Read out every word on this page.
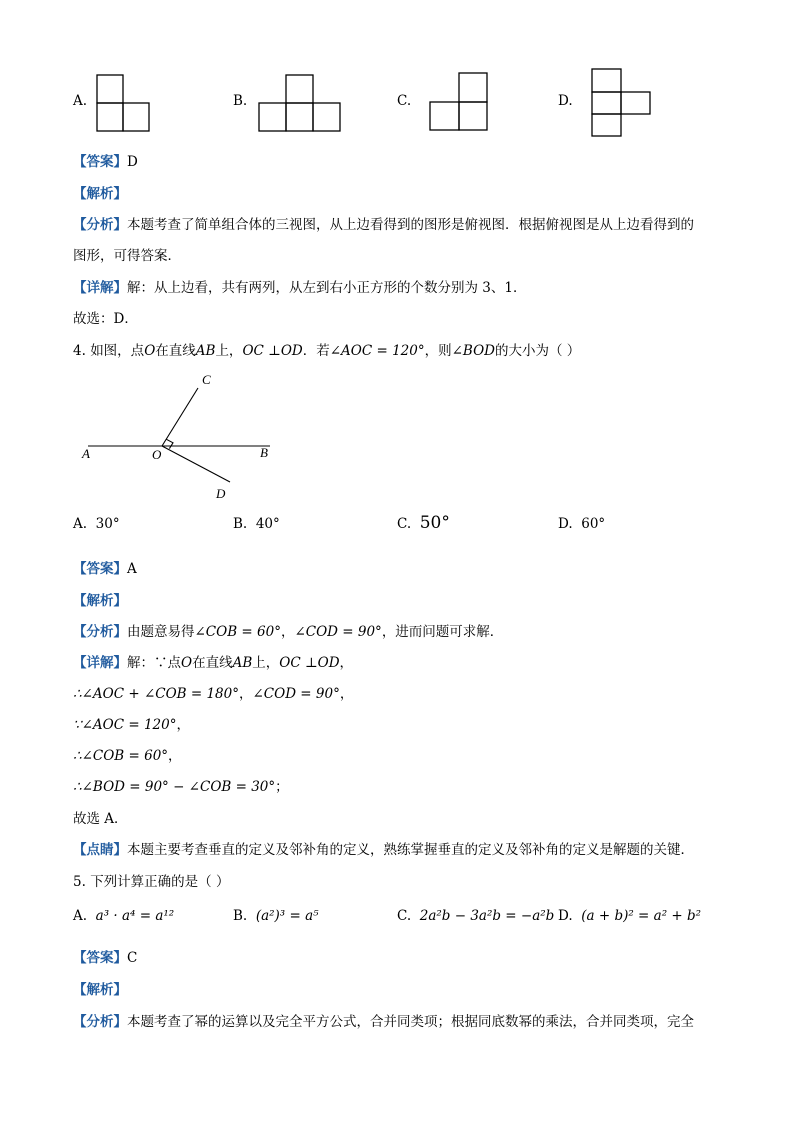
A.	B.	C.	D.
【答案】D
【解析】
【分析】本题考查了简单组合体的三视图，从上边看得到的图形是俯视图．根据俯视图是从上边看得到的
图形，可得答案．
【详解】解：从上边看，共有两列，从左到右小正方形的个数分别为 3、1．
故选：D．
4. 如图，点O在直线AB上，OC ⊥OD．若∠AOC = 120°，则∠BOD的大小为（ ）
A	O	B
C
D
A. 30°	B. 40°	C. 50°	D. 60°
【答案】A
【解析】
【分析】由题意易得∠COB = 60°，∠COD = 90°，进而问题可求解．
【详解】解：∵点O在直线AB上，OC ⊥OD，
∴∠AOC + ∠COB = 180°，∠COD = 90°，
∵∠AOC = 120°，
∴∠COB = 60°，
∴∠BOD = 90° − ∠COB = 30°；
故选 A．
【点睛】本题主要考查垂直的定义及邻补角的定义，熟练掌握垂直的定义及邻补角的定义是解题的关键．
5. 下列计算正确的是（ ）
A. a³ · a⁴ = a¹²	B. (a²)³ = a⁵	C. 2a²b − 3a²b = −a²b D. (a + b)² = a² + b²
【答案】C
【解析】
【分析】本题考查了幂的运算以及完全平方公式，合并同类项；根据同底数幂的乘法，合并同类项，完全
